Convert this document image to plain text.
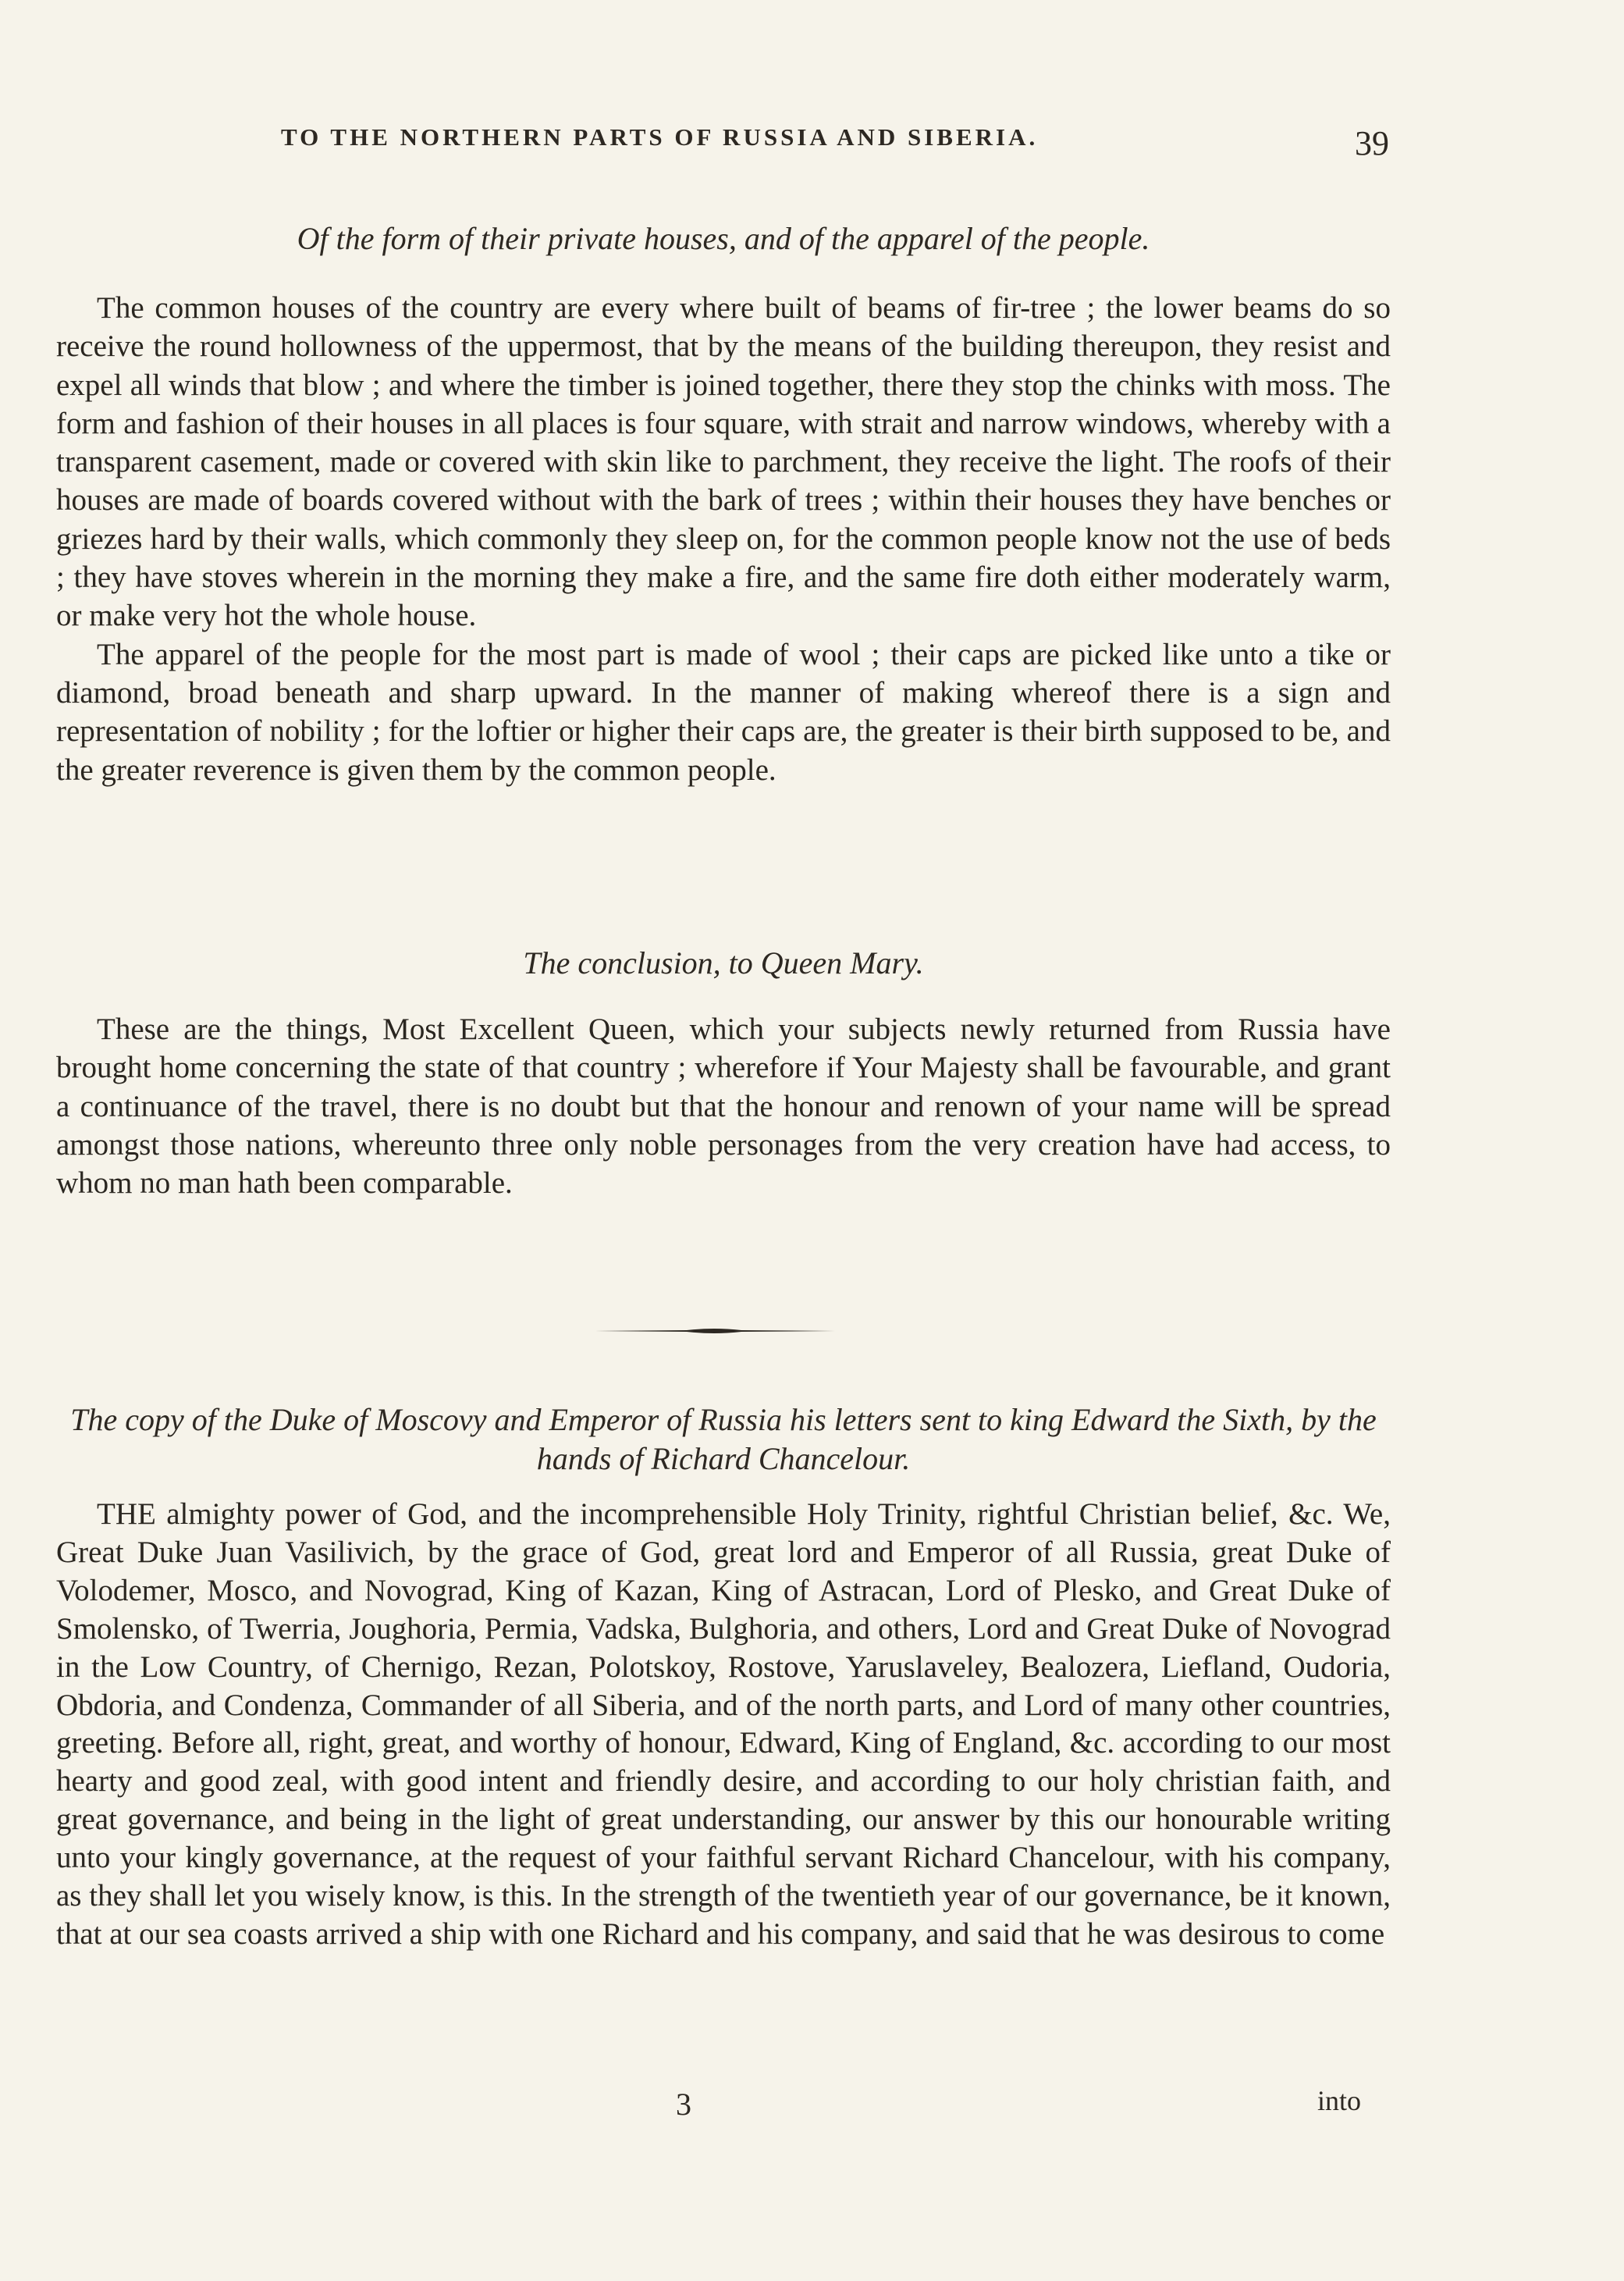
TO THE NORTHERN PARTS OF RUSSIA AND SIBERIA.	39
Of the form of their private houses, and of the apparel of the people.

The common houses of the country are every where built of beams of fir-tree ; the lower beams do so receive the round hollowness of the uppermost, that by the means of the building thereupon, they resist and expel all winds that blow ; and where the timber is joined together, there they stop the chinks with moss. The form and fashion of their houses in all places is four square, with strait and narrow windows, whereby with a transparent casement, made or covered with skin like to parchment, they receive the light. The roofs of their houses are made of boards covered without with the bark of trees ; within their houses they have benches or griezes hard by their walls, which commonly they sleep on, for the common people know not the use of beds ; they have stoves wherein in the morning they make a fire, and the same fire doth either moderately warm, or make very hot the whole house.

The apparel of the people for the most part is made of wool ; their caps are picked like unto a tike or diamond, broad beneath and sharp upward. In the manner of making whereof there is a sign and representation of nobility ; for the loftier or higher their caps are, the greater is their birth supposed to be, and the greater reverence is given them by the common people.

The conclusion, to Queen Mary.

These are the things, Most Excellent Queen, which your subjects newly returned from Russia have brought home concerning the state of that country ; wherefore if Your Majesty shall be favourable, and grant a continuance of the travel, there is no doubt but that the honour and renown of your name will be spread amongst those nations, whereunto three only noble personages from the very creation have had access, to whom no man hath been comparable.

The copy of the Duke of Moscovy and Emperor of Russia his letters sent to king Edward the Sixth, by the hands of Richard Chancelour.

THE almighty power of God, and the incomprehensible Holy Trinity, rightful Christian belief, &c. We, Great Duke Juan Vasilivich, by the grace of God, great lord and Emperor of all Russia, great Duke of Volodemer, Mosco, and Novograd, King of Kazan, King of Astracan, Lord of Plesko, and Great Duke of Smolensko, of Twerria, Joughoria, Permia, Vadska, Bulghoria, and others, Lord and Great Duke of Novograd in the Low Country, of Chernigo, Rezan, Polotskoy, Rostove, Yaruslaveley, Bealozera, Liefland, Oudoria, Obdoria, and Condenza, Commander of all Siberia, and of the north parts, and Lord of many other countries, greeting. Before all, right, great, and worthy of honour, Edward, King of England, &c. according to our most hearty and good zeal, with good intent and friendly desire, and according to our holy christian faith, and great governance, and being in the light of great understanding, our answer by this our honourable writing unto your kingly governance, at the request of your faithful servant Richard Chancelour, with his company, as they shall let you wisely know, is this. In the strength of the twentieth year of our governance, be it known, that at our sea coasts arrived a ship with one Richard and his company, and said that he was desirous to come

3	into
